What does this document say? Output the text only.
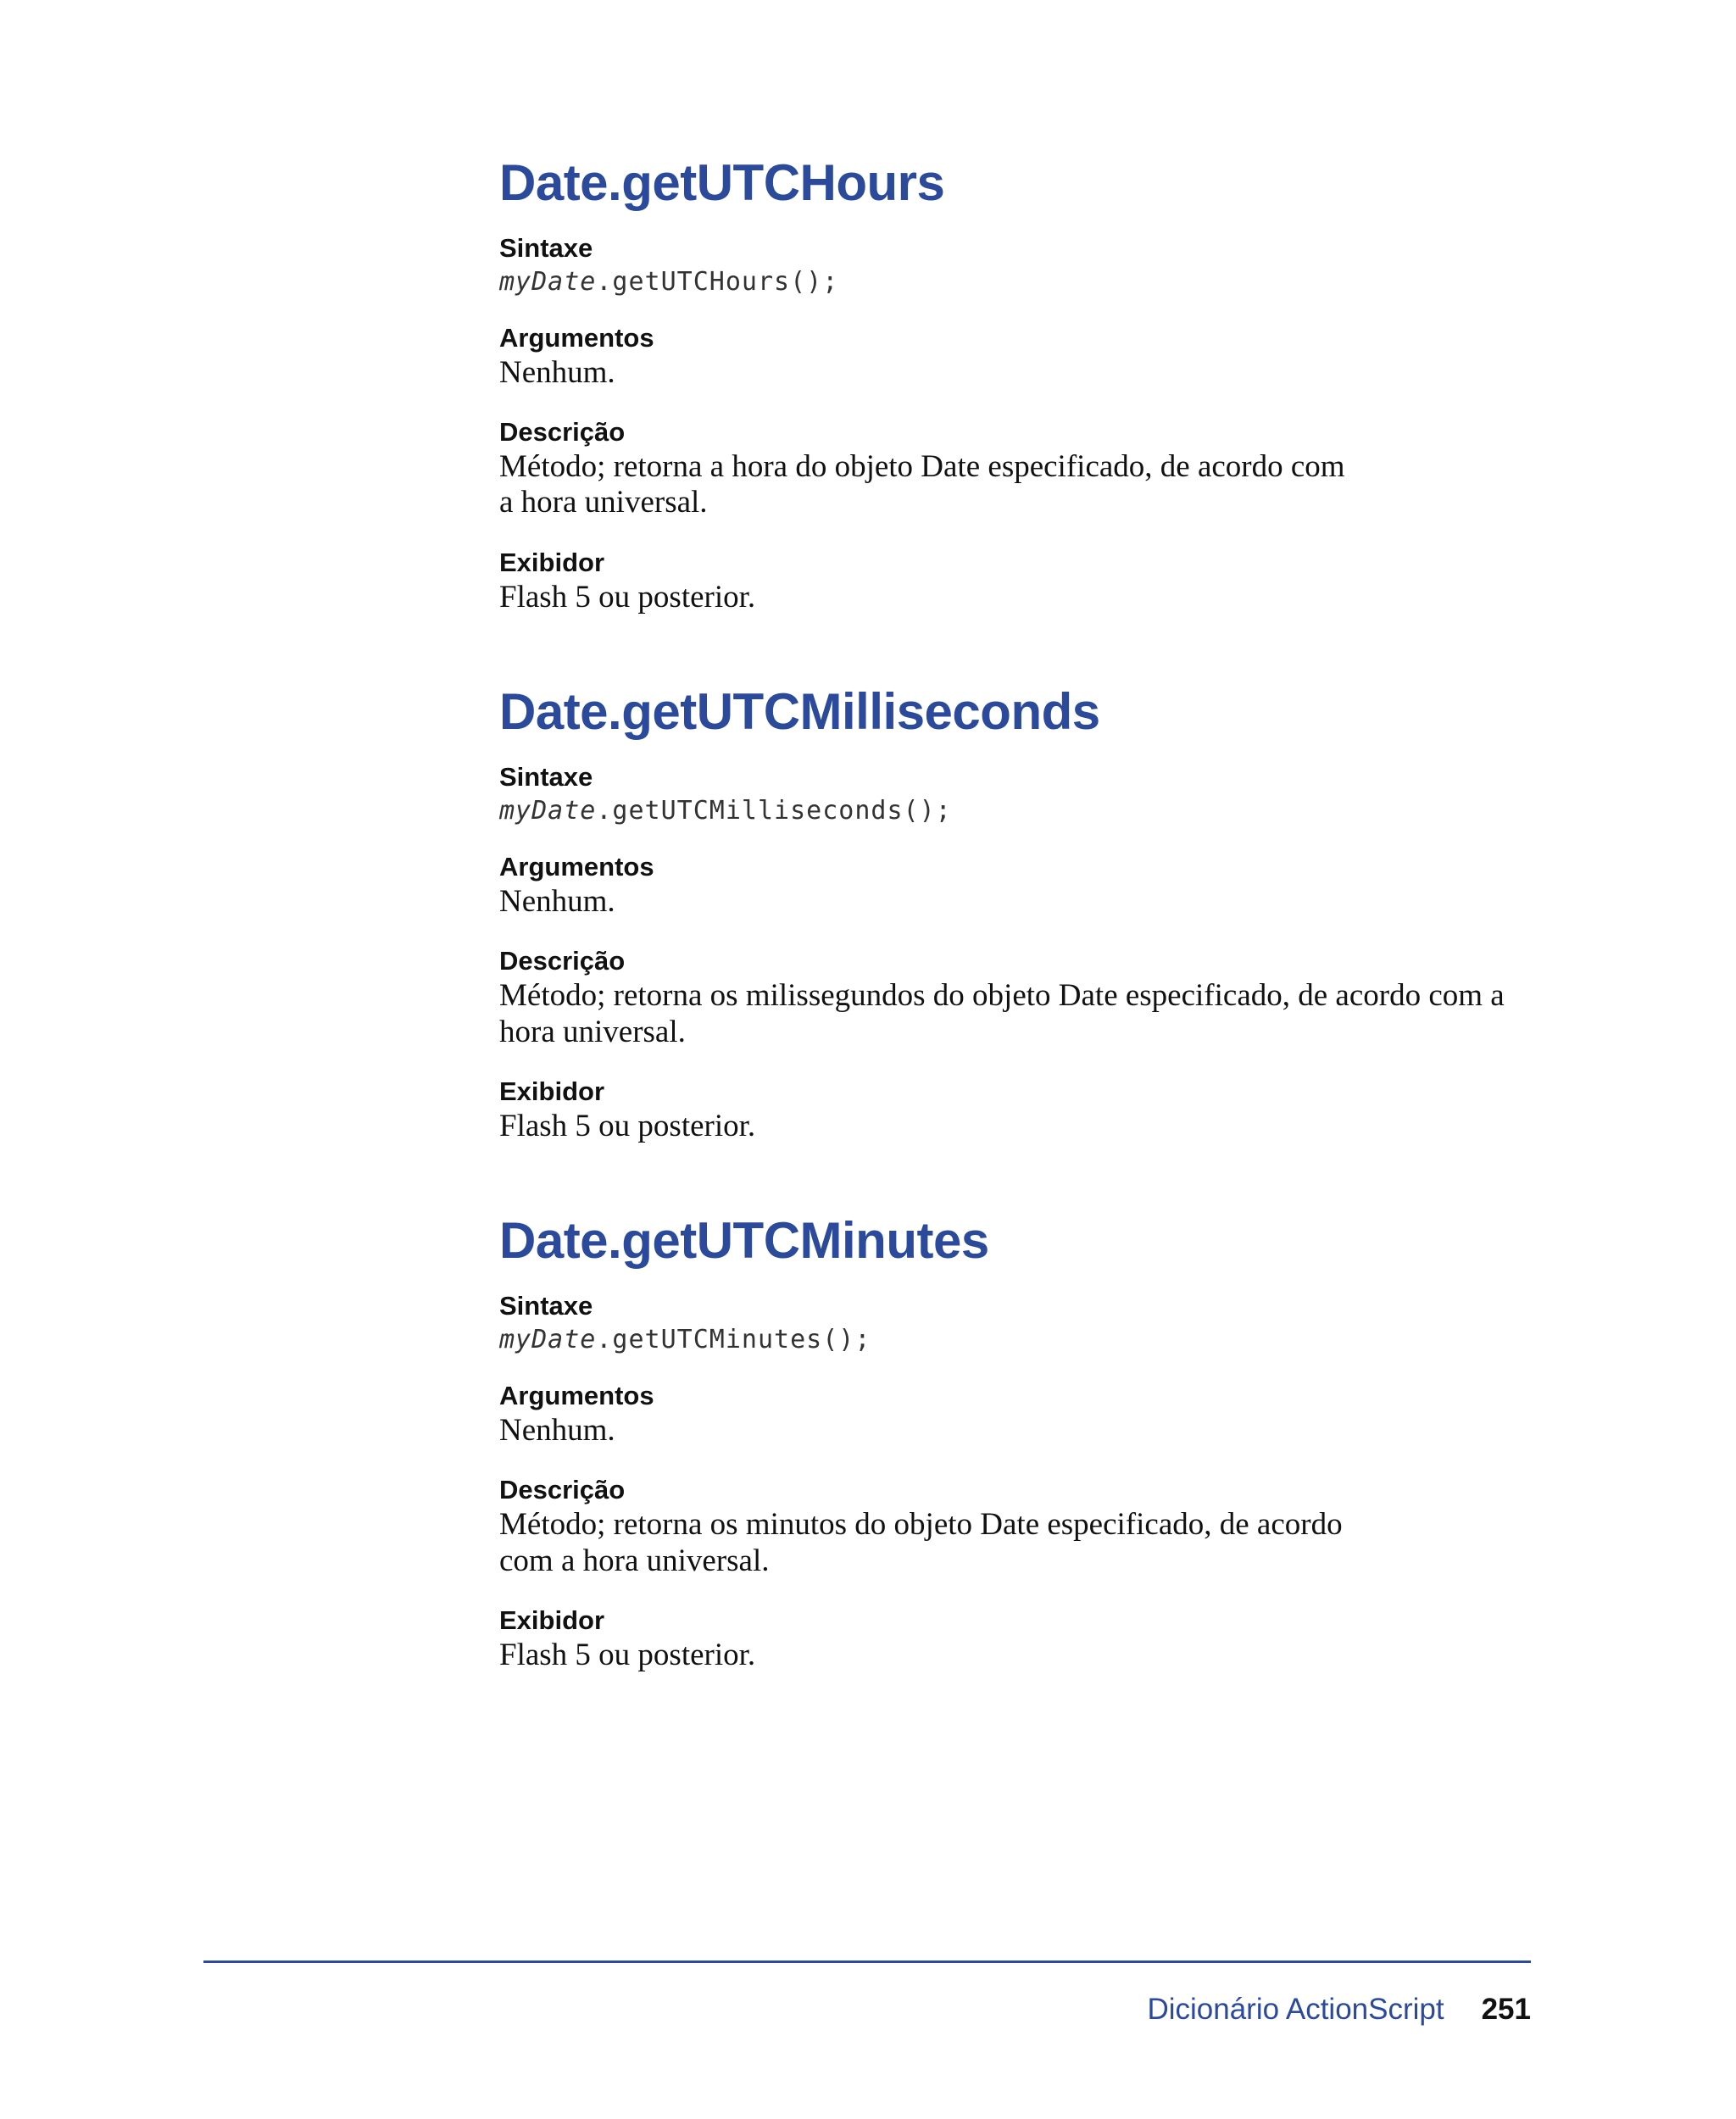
Date.getUTCHours
Sintaxe
myDate.getUTCHours();
Argumentos
Nenhum.
Descrição
Método; retorna a hora do objeto Date especificado, de acordo com a hora universal.
Exibidor
Flash 5 ou posterior.
Date.getUTCMilliseconds
Sintaxe
myDate.getUTCMilliseconds();
Argumentos
Nenhum.
Descrição
Método; retorna os milissegundos do objeto Date especificado, de acordo com a hora universal.
Exibidor
Flash 5 ou posterior.
Date.getUTCMinutes
Sintaxe
myDate.getUTCMinutes();
Argumentos
Nenhum.
Descrição
Método; retorna os minutos do objeto Date especificado, de acordo com a hora universal.
Exibidor
Flash 5 ou posterior.
Dicionário ActionScript 251
